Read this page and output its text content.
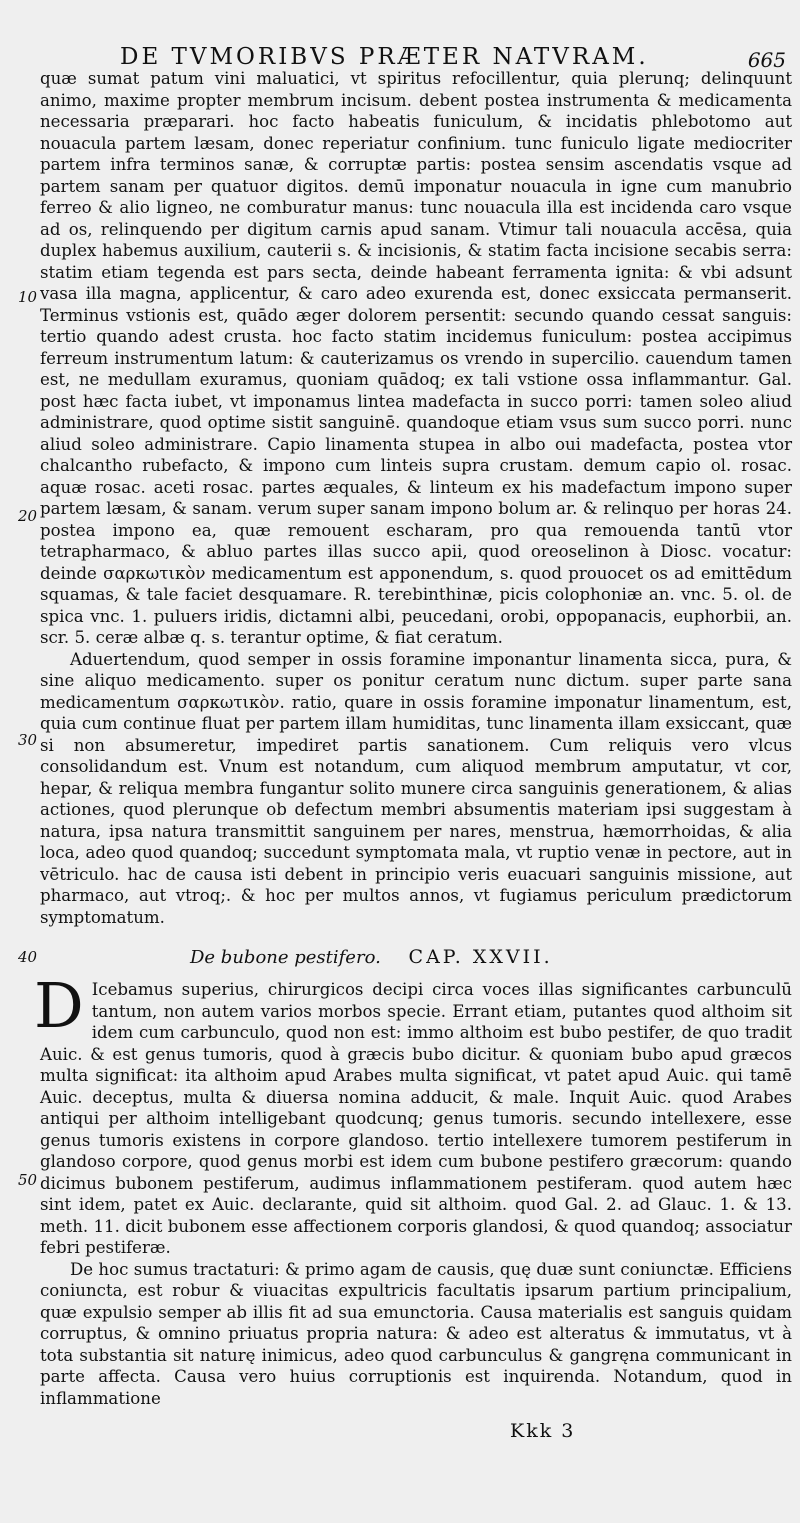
DE TVMORIBVS PRÆTER NATVRAM.	665
10
20
30
40
50

quæ sumat patum vini maluatici, vt spiritus refocillentur, quia plerunq; delinquunt animo, maxime propter membrum incisum. debent postea instrumenta & medicamenta necessaria præparari. hoc facto habeatis funiculum, & incidatis phlebotomo aut nouacula partem læsam, donec reperiatur confinium. tunc funiculo ligate mediocriter partem infra terminos sanæ, & corruptæ partis: postea sensim ascendatis vsque ad partem sanam per quatuor digitos. demū imponatur nouacula in igne cum manubrio ferreo & alio ligneo, ne comburatur manus: tunc nouacula illa est incidenda caro vsque ad os, relinquendo per digitum carnis apud sanam. Vtimur tali nouacula accēsa, quia duplex habemus auxilium, cauterii s. & incisionis, & statim facta incisione secabis serra: statim etiam tegenda est pars secta, deinde habeant ferramenta ignita: & vbi adsunt vasa illa magna, applicentur, & caro adeo exurenda est, donec exsiccata permanserit. Terminus vstionis est, quādo æger dolorem persentit: secundo quando cessat sanguis: tertio quando adest crusta. hoc facto statim incidemus funiculum: postea accipimus ferreum instrumentum latum: & cauterizamus os vrendo in supercilio. cauendum tamen est, ne medullam exuramus, quoniam quādoq; ex tali vstione ossa inflammantur. Gal. post hæc facta iubet, vt imponamus lintea madefacta in succo porri: tamen soleo aliud administrare, quod optime sistit sanguinē. quandoque etiam vsus sum succo porri. nunc aliud soleo administrare. Capio linamenta stupea in albo oui madefacta, postea vtor chalcantho rubefacto, & impono cum linteis supra crustam. demum capio ol. rosac. aquæ rosac. aceti rosac. partes æquales, & linteum ex his madefactum impono super partem læsam, & sanam. verum super sanam impono bolum ar. & relinquo per horas 24. postea impono ea, quæ remouent escharam, pro qua remouenda tantū vtor tetrapharmaco, & abluo partes illas succo apii, quod oreoselinon à Diosc. vocatur: deinde σαρκωτικὸν medicamentum est apponendum, s. quod prouocet os ad emittēdum squamas, & tale faciet desquamare. R. terebinthinæ, picis colophoniæ an. vnc. 5. ol. de spica vnc. 1. puluers iridis, dictamni albi, peucedani, orobi, oppopanacis, euphorbii, an. scr. 5. ceræ albæ q. s. terantur optime, & fiat ceratum.

Aduertendum, quod semper in ossis foramine imponantur linamenta sicca, pura, & sine aliquo medicamento. super os ponitur ceratum nunc dictum. super parte sana medicamentum σαρκωτικὸν. ratio, quare in ossis foramine imponatur linamentum, est, quia cum continue fluat per partem illam humiditas, tunc linamenta illam exsiccant, quæ si non absumeretur, impediret partis sanationem. Cum reliquis vero vlcus consolidandum est. Vnum est notandum, cum aliquod membrum amputatur, vt cor, hepar, & reliqua membra fungantur solito munere circa sanguinis generationem, & alias actiones, quod plerunque ob defectum membri absumentis materiam ipsi suggestam à natura, ipsa natura transmittit sanguinem per nares, menstrua, hæmorrhoidas, & alia loca, adeo quod quandoq; succedunt symptomata mala, vt ruptio venæ in pectore, aut in vētriculo. hac de causa isti debent in principio veris euacuari sanguinis missione, aut pharmaco, aut vtroq;. & hoc per multos annos, vt fugiamus periculum prædictorum symptomatum.

De bubone pestifero. CAP. XXVII.

D Icebamus superius, chirurgicos decipi circa voces illas significantes carbunculū tantum, non autem varios morbos specie. Errant etiam, putantes quod althoim sit idem cum carbunculo, quod non est: immo althoim est bubo pestifer, de quo tradit Auic. & est genus tumoris, quod à græcis bubo dicitur. & quoniam bubo apud græcos multa significat: ita althoim apud Arabes multa significat, vt patet apud Auic. qui tamē Auic. deceptus, multa & diuersa nomina adducit, & male. Inquit Auic. quod Arabes antiqui per althoim intelligebant quodcunq; genus tumoris. secundo intellexere, esse genus tumoris existens in corpore glandoso. tertio intellexere tumorem pestiferum in glandoso corpore, quod genus morbi est idem cum bubone pestifero græcorum: quando dicimus bubonem pestiferum, audimus inflammationem pestiferam. quod autem hæc sint idem, patet ex Auic. declarante, quid sit althoim. quod Gal. 2. ad Glauc. 1. & 13. meth. 11. dicit bubonem esse affectionem corporis glandosi, & quod quandoq; associatur febri pestiferæ.

De hoc sumus tractaturi: & primo agam de causis, quę duæ sunt coniunctæ. Efficiens coniuncta, est robur & viuacitas expultricis facultatis ipsarum partium principalium, quæ expulsio semper ab illis fit ad sua emunctoria. Causa materialis est sanguis quidam corruptus, & omnino priuatus propria natura: & adeo est alteratus & immutatus, vt à tota substantia sit naturę inimicus, adeo quod carbunculus & gangręna communicant in parte affecta. Causa vero huius corruptionis est inquirenda. Notandum, quod in inflammatione

Kkk 3
